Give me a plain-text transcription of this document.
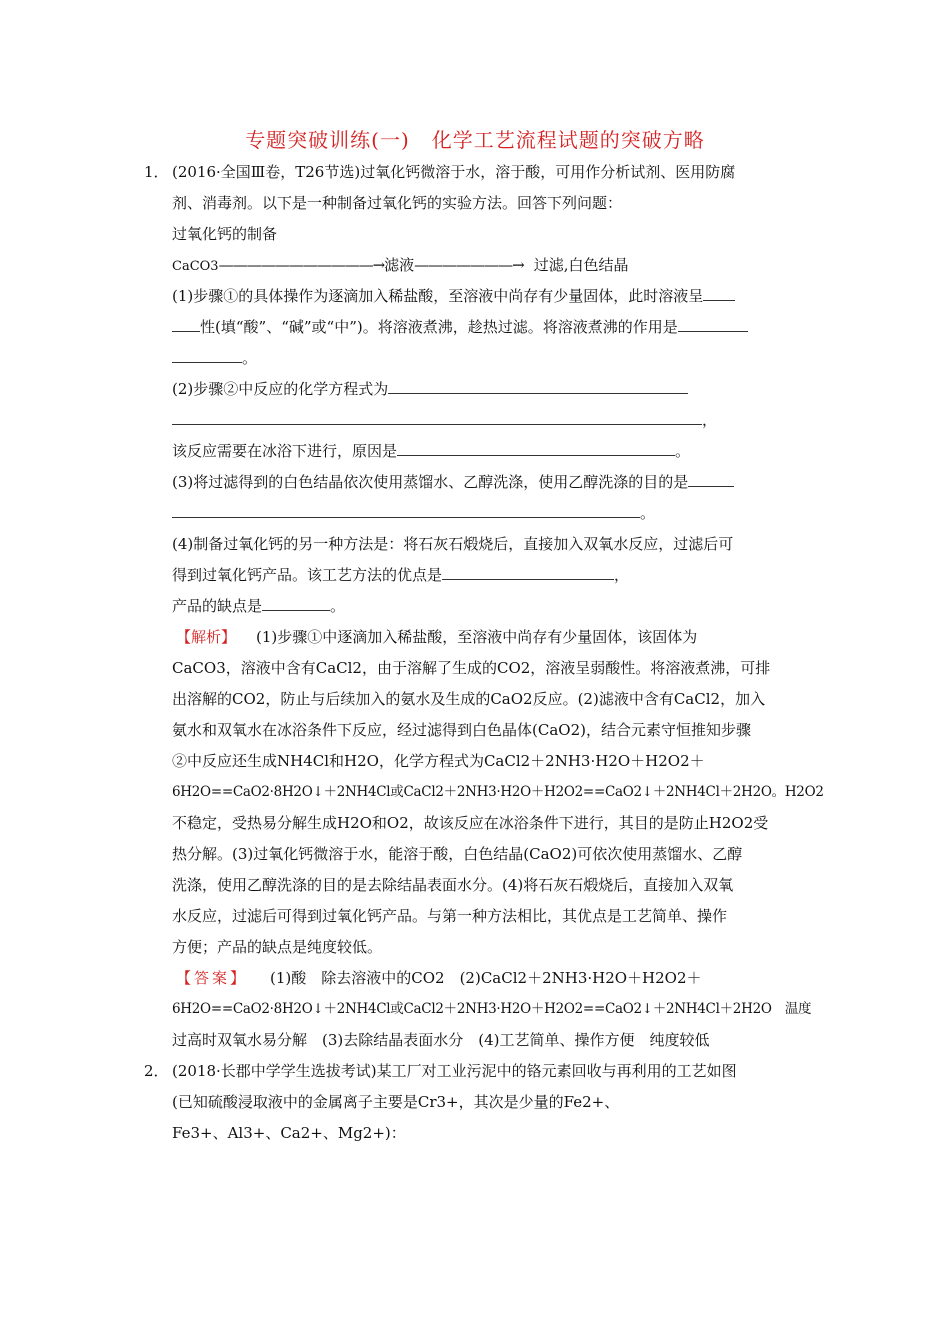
专题突破训练(一) 化学工艺流程试题的突破方略
1． (2016·全国Ⅲ卷，T26节选)过氧化钙微溶于水，溶于酸，可用作分析试剂、医用防腐
剂、消毒剂。以下是一种制备过氧化钙的实验方法。回答下列问题：
过氧化钙的制备
CaCO3———————————→滤液———————→ 过滤,白色结晶
(1)步骤①的具体操作为逐滴加入稀盐酸，至溶液中尚存有少量固体，此时溶液呈
性(填“酸”、“碱”或“中”)。将溶液煮沸，趁热过滤。将溶液煮沸的作用是
。
(2)步骤②中反应的化学方程式为
，
该反应需要在冰浴下进行，原因是	。
(3)将过滤得到的白色结晶依次使用蒸馏水、乙醇洗涤，使用乙醇洗涤的目的是
。
(4)制备过氧化钙的另一种方法是：将石灰石煅烧后，直接加入双氧水反应，过滤后可
得到过氧化钙产品。该工艺方法的优点是	，
产品的缺点是	。
【解析】 (1)步骤①中逐滴加入稀盐酸，至溶液中尚存有少量固体，该固体为
CaCO3，溶液中含有CaCl2，由于溶解了生成的CO2，溶液呈弱酸性。将溶液煮沸，可排
出溶解的CO2，防止与后续加入的氨水及生成的CaO2反应。(2)滤液中含有CaCl2，加入
氨水和双氧水在冰浴条件下反应，经过滤得到白色晶体(CaO2)，结合元素守恒推知步骤
②中反应还生成NH4Cl和H2O，化学方程式为CaCl2＋2NH3·H2O＋H2O2＋
6H2O==CaO2·8H2O↓＋2NH4Cl或CaCl2＋2NH3·H2O＋H2O2==CaO2↓＋2NH4Cl＋2H2O。H2O2
不稳定，受热易分解生成H2O和O2，故该反应在冰浴条件下进行，其目的是防止H2O2受
热分解。(3)过氧化钙微溶于水，能溶于酸，白色结晶(CaO2)可依次使用蒸馏水、乙醇
洗涤，使用乙醇洗涤的目的是去除结晶表面水分。(4)将石灰石煅烧后，直接加入双氧
水反应，过滤后可得到过氧化钙产品。与第一种方法相比，其优点是工艺简单、操作
方便；产品的缺点是纯度较低。
【答案】 (1)酸　除去溶液中的CO2　(2)CaCl2＋2NH3·H2O＋H2O2＋
6H2O==CaO2·8H2O↓＋2NH4Cl或CaCl2＋2NH3·H2O＋H2O2==CaO2↓＋2NH4Cl＋2H2O　温度
过高时双氧水易分解　(3)去除结晶表面水分　(4)工艺简单、操作方便　纯度较低
2． (2018·长郡中学学生选拔考试)某工厂对工业污泥中的铬元素回收与再利用的工艺如图
(已知硫酸浸取液中的金属离子主要是Cr3+，其次是少量的Fe2+、
Fe3+、Al3+、Ca2+、Mg2+)：
